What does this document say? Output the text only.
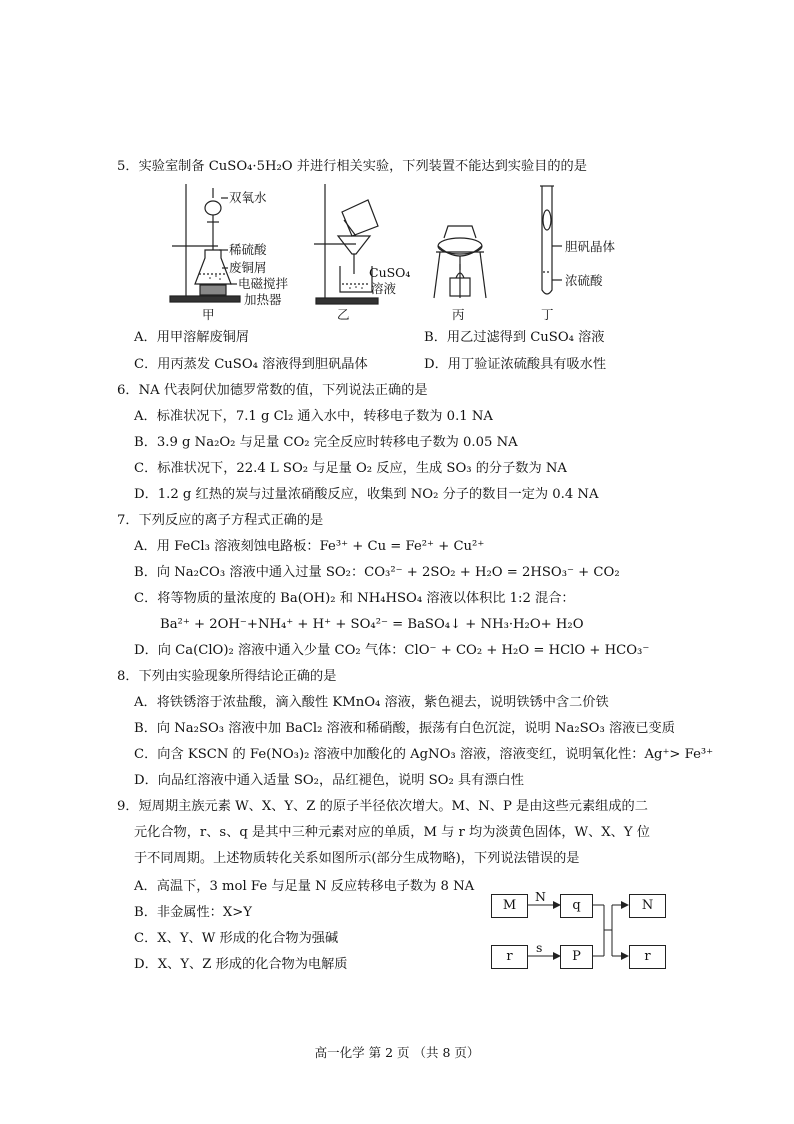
5．实验室制备 CuSO₄·5H₂O 并进行相关实验，下列装置不能达到实验目的的是
双氧水
稀硫酸
废铜屑
电磁搅拌
加热器
CuSO₄
溶液
胆矾晶体
浓硫酸
甲	乙	丙	丁
A．用甲溶解废铜屑	B．用乙过滤得到 CuSO₄ 溶液
C．用丙蒸发 CuSO₄ 溶液得到胆矾晶体	D．用丁验证浓硫酸具有吸水性
6．NA 代表阿伏加德罗常数的值，下列说法正确的是
A．标准状况下，7.1 g Cl₂ 通入水中，转移电子数为 0.1 NA
B．3.9 g Na₂O₂ 与足量 CO₂ 完全反应时转移电子数为 0.05 NA
C．标准状况下，22.4 L SO₂ 与足量 O₂ 反应，生成 SO₃ 的分子数为 NA
D．1.2 g 红热的炭与过量浓硝酸反应，收集到 NO₂ 分子的数目一定为 0.4 NA
7．下列反应的离子方程式正确的是
A．用 FeCl₃ 溶液刻蚀电路板：Fe³⁺ + Cu = Fe²⁺ + Cu²⁺
B．向 Na₂CO₃ 溶液中通入过量 SO₂：CO₃²⁻ + 2SO₂ + H₂O = 2HSO₃⁻ + CO₂
C．将等物质的量浓度的 Ba(OH)₂ 和 NH₄HSO₄ 溶液以体积比 1:2 混合：
Ba²⁺ + 2OH⁻+NH₄⁺ + H⁺ + SO₄²⁻ = BaSO₄↓ + NH₃·H₂O+ H₂O
D．向 Ca(ClO)₂ 溶液中通入少量 CO₂ 气体：ClO⁻ + CO₂ + H₂O = HClO + HCO₃⁻
8．下列由实验现象所得结论正确的是
A．将铁锈溶于浓盐酸，滴入酸性 KMnO₄ 溶液，紫色褪去，说明铁锈中含二价铁
B．向 Na₂SO₃ 溶液中加 BaCl₂ 溶液和稀硝酸，振荡有白色沉淀，说明 Na₂SO₃ 溶液已变质
C．向含 KSCN 的 Fe(NO₃)₂ 溶液中加酸化的 AgNO₃ 溶液，溶液变红，说明氧化性：Ag⁺> Fe³⁺
D．向品红溶液中通入适量 SO₂，品红褪色，说明 SO₂ 具有漂白性
9．短周期主族元素 W、X、Y、Z 的原子半径依次增大。M、N、P 是由这些元素组成的二
元化合物，r、s、q 是其中三种元素对应的单质，M 与 r 均为淡黄色固体，W、X、Y 位
于不同周期。上述物质转化关系如图所示(部分生成物略)，下列说法错误的是
A．高温下，3 mol Fe 与足量 N 反应转移电子数为 8 NA
B．非金属性：X>Y
C．X、Y、W 形成的化合物为强碱
D．X、Y、Z 形成的化合物为电解质
M
N
q	N
r
s
P	r
高一化学 第 2 页 （共 8 页）
